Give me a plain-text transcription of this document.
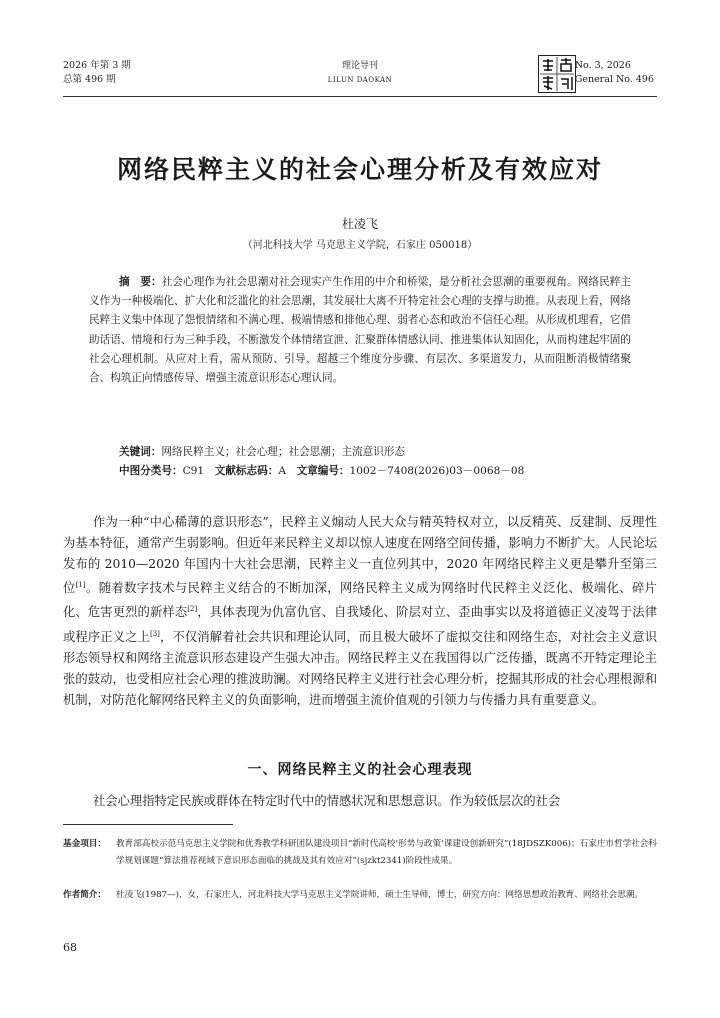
2026 年第 3 期
总第 496 期
理论导刊
LILUN DAOKAN
No. 3, 2026
General No. 496
网络民粹主义的社会心理分析及有效应对
杜凌飞
（河北科技大学 马克思主义学院，石家庄 050018）
摘　要：社会心理作为社会思潮对社会现实产生作用的中介和桥梁，是分析社会思潮的重要视角。网络民粹主义作为一种极端化、扩大化和泛滥化的社会思潮，其发展壮大离不开特定社会心理的支撑与助推。从表现上看，网络民粹主义集中体现了怨恨情绪和不满心理、极端情感和排他心理、弱者心态和政治不信任心理。从形成机理看，它借助话语、情境和行为三种手段，不断激发个体情绪宣泄、汇聚群体情感认同、推进集体认知固化，从而构建起牢固的社会心理机制。从应对上看，需从预防、引导、超越三个维度分步骤、有层次、多渠道发力，从而阻断消极情绪聚合、构筑正向情感传导、增强主流意识形态心理认同。
关键词：网络民粹主义；社会心理；社会思潮；主流意识形态
中图分类号：C91　 文献标志码：A　 文章编号：1002－7408(2026)03－0068－08
作为一种“中心稀薄的意识形态”，民粹主义煽动人民大众与精英特权对立，以反精英、反建制、反理性为基本特征，通常产生弱影响。但近年来民粹主义却以惊人速度在网络空间传播，影响力不断扩大。人民论坛发布的 2010—2020 年国内十大社会思潮，民粹主义一直位列其中，2020 年网络民粹主义更是攀升至第三位[1]。随着数字技术与民粹主义结合的不断加深，网络民粹主义成为网络时代民粹主义泛化、极端化、碎片化、危害更烈的新样态[2]，具体表现为仇富仇官、自我矮化、阶层对立、歪曲事实以及将道德正义凌驾于法律或程序正义之上[3]，不仅消解着社会共识和理论认同，而且极大破坏了虚拟交往和网络生态，对社会主义意识形态领导权和网络主流意识形态建设产生强大冲击。网络民粹主义在我国得以广泛传播，既离不开特定理论主张的鼓动，也受相应社会心理的推波助澜。对网络民粹主义进行社会心理分析，挖掘其形成的社会心理根源和机制，对防范化解网络民粹主义的负面影响，进而增强主流价值观的引领力与传播力具有重要意义。
一、网络民粹主义的社会心理表现
社会心理指特定民族或群体在特定时代中的情感状况和思想意识。作为较低层次的社会
基金项目： 教育部高校示范马克思主义学院和优秀教学科研团队建设项目“新时代高校‘形势与政策’课建设创新研究”(18JDSZK006)；石家庄市哲学社会科学规划课题“算法推荐视域下意识形态面临的挑战及其有效应对”(sjzkt2341)阶段性成果。
作者简介： 杜凌飞(1987—)，女，石家庄人，河北科技大学马克思主义学院讲师，硕士生导师，博士，研究方向：网络思想政治教育、网络社会思潮。
68
